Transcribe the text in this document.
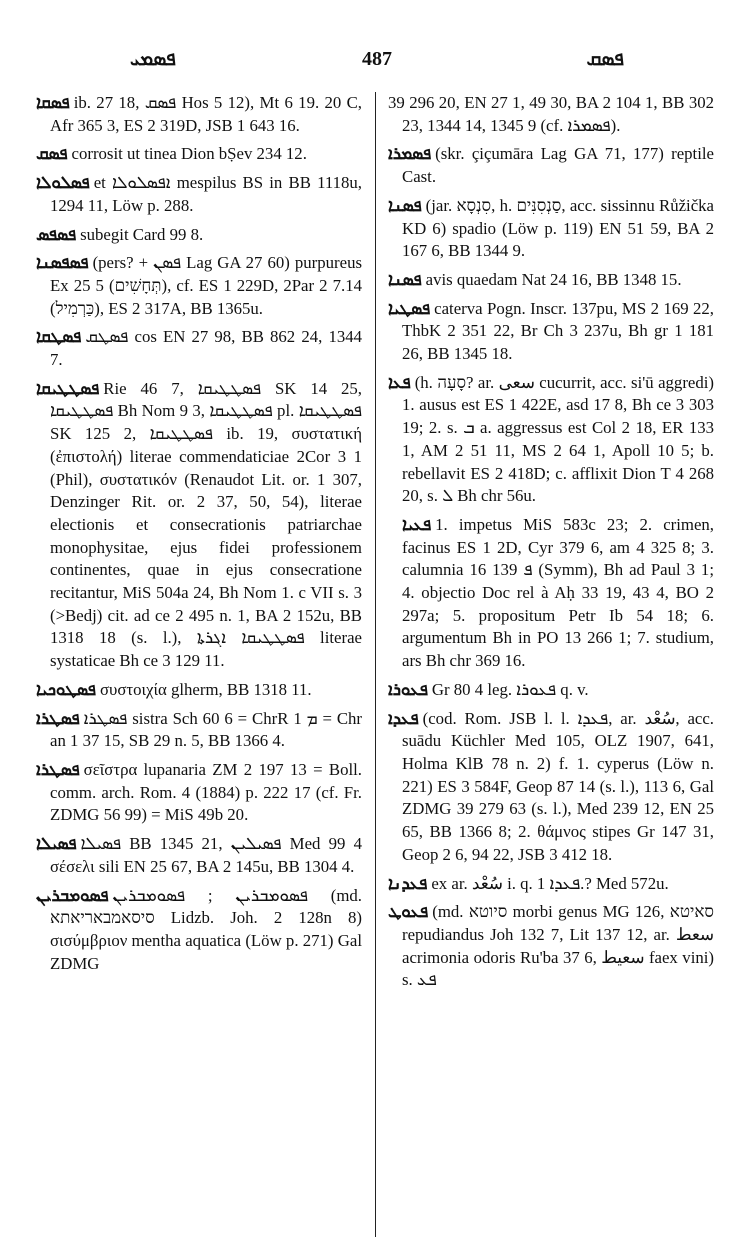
ܦܣܡܝ	487	ܦܣܩ

ܦܣܩܐ ib. 27 18, ܦܣܩ Hos 5 12), Mt 6 19. 20 C, Afr 365 3, ES 2 319D, JSB 1 643 16.

ܦܣܩ corrosit ut tinea Dion bṢev 234 12.

ܦܣܠܘܠܐ et ܐܦܣܠܘܠܐ mespilus BS in BB 1118u, 1294 11, Löw p. 288.

ܦܣܦܣ subegit Card 99 8.

ܦܣܦܣܢܐ (pers? + ܦܣܢ Lag GA 27 60) purpureus Ex 25 5 (תְּחָשִׁים), cf. ES 1 229D, 2Par 2 7.14 (כַּרְמִיל), ES 2 317A, BB 1365u.

ܦܣܛܩܐ ܦܣܛܩ cos EN 27 98, BB 862 24, 1344 7.

ܦܣܛܛܝܩܐ Rie 46 7, ܦܣܛܛܝܩܐ SK 14 25, ܦܣܛܛܝܩܐ Bh Nom 9 3, ܦܣܛܛܝܩܐ pl. ܦܣܛܛܝܩܐ SK 125 2, ܦܣܛܛܝܩܐ ib. 19, συστατική (ἐπιστολή) literae commendaticiae 2Cor 3 1 (Phil), συστατικόν (Renaudot Lit. or. 1 307, Denzinger Rit. or. 2 37, 50, 54), literae electionis et consecrationis patriarchae monophysitae, ejus fidei professionem continentes, quae in ejus consecratione recitantur, MiS 504a 24, Bh Nom 1. c VII s. 3 (>Bedj) cit. ad ce 2 495 n. 1, BA 2 152u, BB 1318 18 (s. l.), ܦܣܛܛܝܩܐ ܐܓܪܬܐ literae systaticae Bh ce 3 129 11.

ܦܣܛܘܟܝܐ συστοιχία glherm, BB 1318 11.

ܦܣܛܪܐ ܦܣܛܪܐ sistra Sch 60 6 = ChrR ܡ 1 = Chr an 1 37 15, SB 29 n. 5, BB 1366 4.

ܦܣܛܪܐ σεῖστρα lupanaria ZM 2 197 13 = Boll. comm. arch. Rom. 4 (1884) p. 222 17 (cf. Fr. ZDMG 56 99) = MiS 49b 20.

ܦܣܝܠܐ ܦܣܝܠܐ BB 1345 21, ܦܣܝܠܝܢ Med 99 4 σέσελι sili EN 25 67, BA 2 145u, BB 1304 4.

ܦܣܘܡܒܪܝܢ ܦܣܘܡܒܪܝܢ ; ܦܣܘܡܒܪܝܢ (md. סיסאמבאריאתא Lidzb. Joh. 2 128n 8) σισύμβριον mentha aquatica (Löw p. 271) Gal ZDMG

39 296 20, EN 27 1, 49 30, BA 2 104 1, BB 302 23, 1344 14, 1345 9 (cf. ܦܣܡܪܐ).

ܦܣܡܪܐ (skr. çiçumāra Lag GA 71, 177) reptile Cast.

ܦܣܢܐ (jar. סִנְסָא, h. סַנְסִנִּים, acc. sissinnu Růžička KD 6) spadio (Löw p. 119) EN 51 59, BA 2 167 6, BB 1344 9.

ܦܣܢܐ avis quaedam Nat 24 16, BB 1348 15.

ܦܣܛܝܐ caterva Pogn. Inscr. 137pu, MS 2 169 22, ThbK 2 351 22, Br Ch 3 237u, Bh gr 1 181 26, BB 1345 18.

ܦܥܐ (h. סָעָה? ar. سعى cucurrit, acc. si'ū aggredi) 1. ausus est ES 1 422E, asd 17 8, Bh ce 3 303 19; 2. s. ܒ a. aggressus est Col 2 18, ER 133 1, AM 2 51 11, MS 2 64 1, Apoll 10 5; b. rebellavit ES 2 418D; c. afflixit Dion T 4 268 20, s. ܠ Bh chr 56u.

ܦܥܝܐ 1. impetus MiS 583c 23; 2. crimen, facinus ES 1 2D, Cyr 379 6, am 4 325 8; 3. calumnia ܦ 139 16 (Symm), Bh ad Paul 3 1; 4. objectio Doc rel à Aḥ 33 19, 43 4, BO 2 297a; 5. propositum Petr Ib 54 18; 6. argumentum Bh in PO 13 266 1; 7. studium, ars Bh chr 369 16.

ܦܥܘܪܐ Gr 80 4 leg. ܦܥܘܪܐ q. v.

ܦܥܕܐ (cod. Rom. JSB l. l. ܦܥܕܐ, ar. سُعْد, acc. suādu Küchler Med 105, OLZ 1907, 641, Holma KlB 78 n. 2) f. 1. cyperus (Löw n. 221) ES 3 584F, Geop 87 14 (s. l.), 113 6, Gal ZDMG 39 279 63 (s. l.), Med 239 12, EN 25 65, BB 1366 8; 2. θάμνος stipes Gr 147 31, Geop 2 6, 94 22, JSB 3 412 18.

ܦܥܕܢܐ ex ar. سُعْد i. q. ܦܥܕܐ 1.? Med 572u.

ܦܥܘܛ (md. סיוטא morbi genus MG 126, סאיטא repudiandus Joh 132 7, Lit 137 12, ar. سعط acrimonia odoris Ru'ba 37 6, سعيط faex vini) s. ܦܥ
